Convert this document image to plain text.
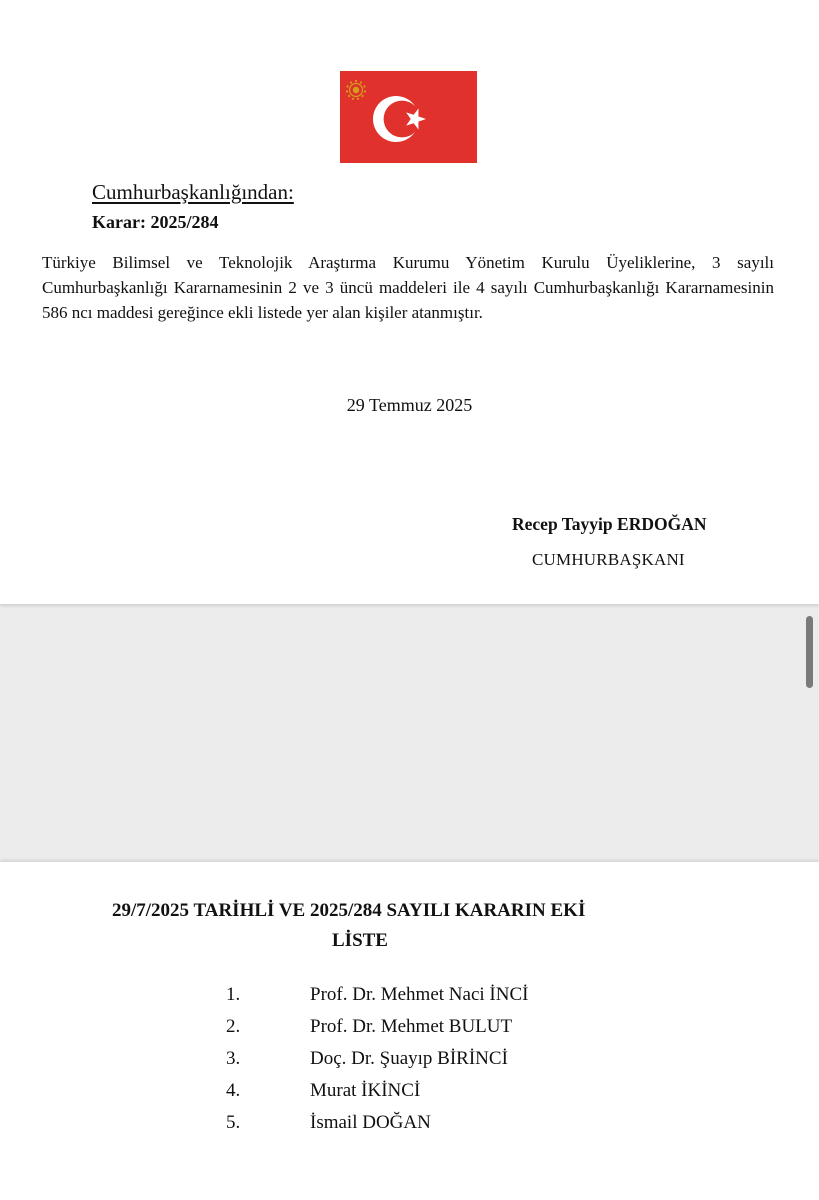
Cumhurbaşkanlığından:
Karar: 2025/284
Türkiye Bilimsel ve Teknolojik Araştırma Kurumu Yönetim Kurulu Üyeliklerine, 3 sayılı Cumhurbaşkanlığı Kararnamesinin 2 ve 3 üncü maddeleri ile 4 sayılı Cumhurbaşkanlığı Kararnamesinin 586 ncı maddesi gereğince ekli listede yer alan kişiler atanmıştır.
29 Temmuz 2025
Recep Tayyip ERDOĞAN
CUMHURBAŞKANI
29/7/2025 TARİHLİ VE 2025/284 SAYILI KARARIN EKİ
LİSTE
1.	Prof. Dr. Mehmet Naci İNCİ
2.	Prof. Dr. Mehmet BULUT
3.	Doç. Dr. Şuayıp BİRİNCİ
4.	Murat İKİNCİ
5.	İsmail DOĞAN
